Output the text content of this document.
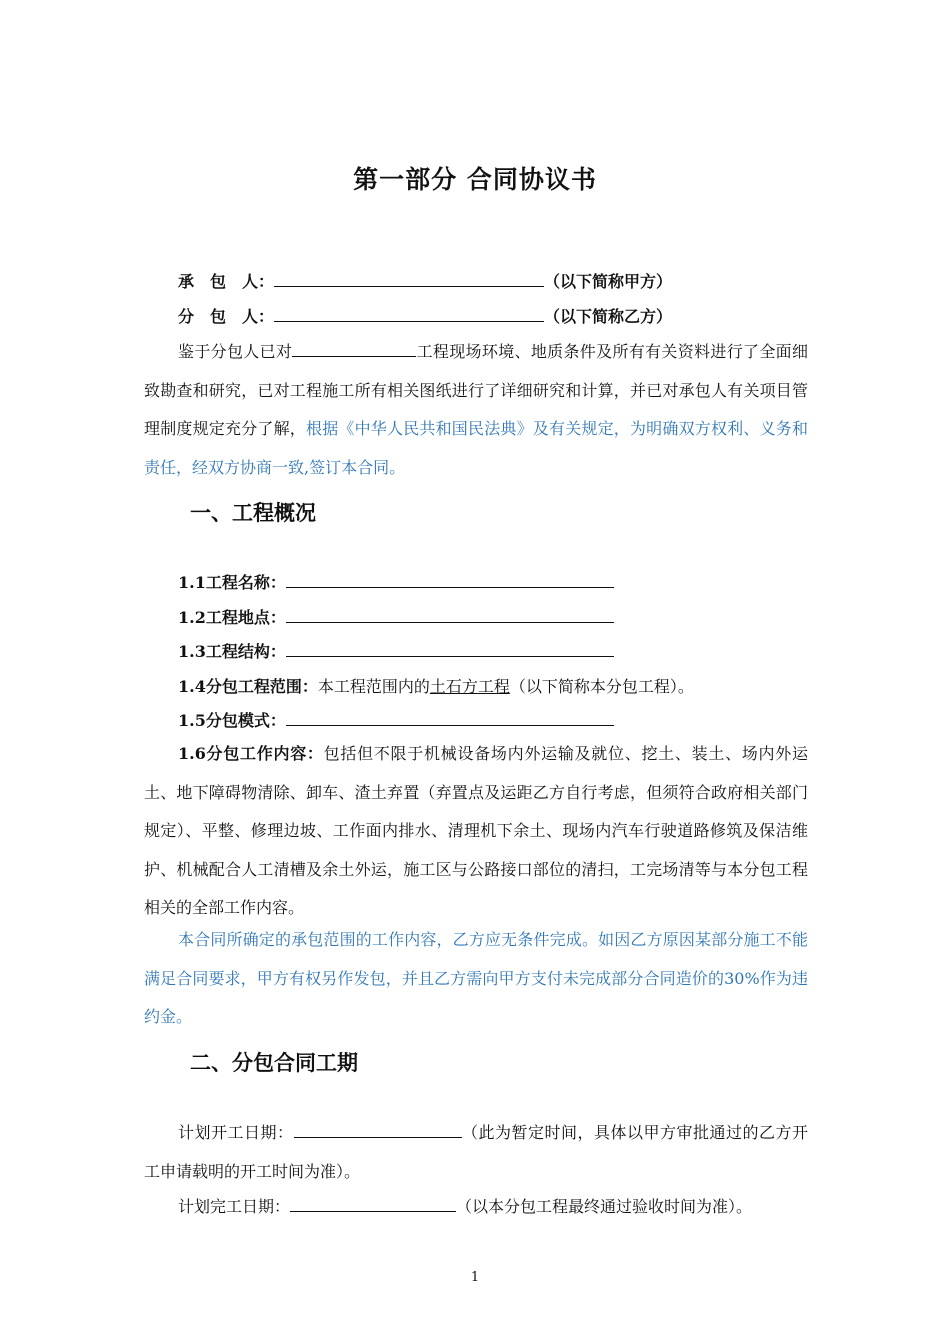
第一部分 合同协议书
承　包　人：	（以下简称甲方）
分　包　人：	（以下简称乙方）
鉴于分包人已对	工程现场环境、地质条件及所有有关资料进行了全面细致勘查和研究，已对工程施工所有相关图纸进行了详细研究和计算，并已对承包人有关项目管理制度规定充分了解，根据《中华人民共和国民法典》及有关规定，为明确双方权利、义务和责任，经双方协商一致,签订本合同。
一、工程概况
1.1工程名称：
1.2工程地点：
1.3工程结构：
1.4分包工程范围：本工程范围内的土石方工程（以下简称本分包工程）。
1.5分包模式：
1.6分包工作内容：包括但不限于机械设备场内外运输及就位、挖土、装土、场内外运土、地下障碍物清除、卸车、渣土弃置（弃置点及运距乙方自行考虑，但须符合政府相关部门规定）、平整、修理边坡、工作面内排水、清理机下余土、现场内汽车行驶道路修筑及保洁维护、机械配合人工清槽及余土外运，施工区与公路接口部位的清扫，工完场清等与本分包工程相关的全部工作内容。
本合同所确定的承包范围的工作内容，乙方应无条件完成。如因乙方原因某部分施工不能满足合同要求，甲方有权另作发包，并且乙方需向甲方支付未完成部分合同造价的30%作为违约金。
二、分包合同工期
计划开工日期：	（此为暂定时间，具体以甲方审批通过的乙方开工申请载明的开工时间为准）。
计划完工日期：	（以本分包工程最终通过验收时间为准）。
1
